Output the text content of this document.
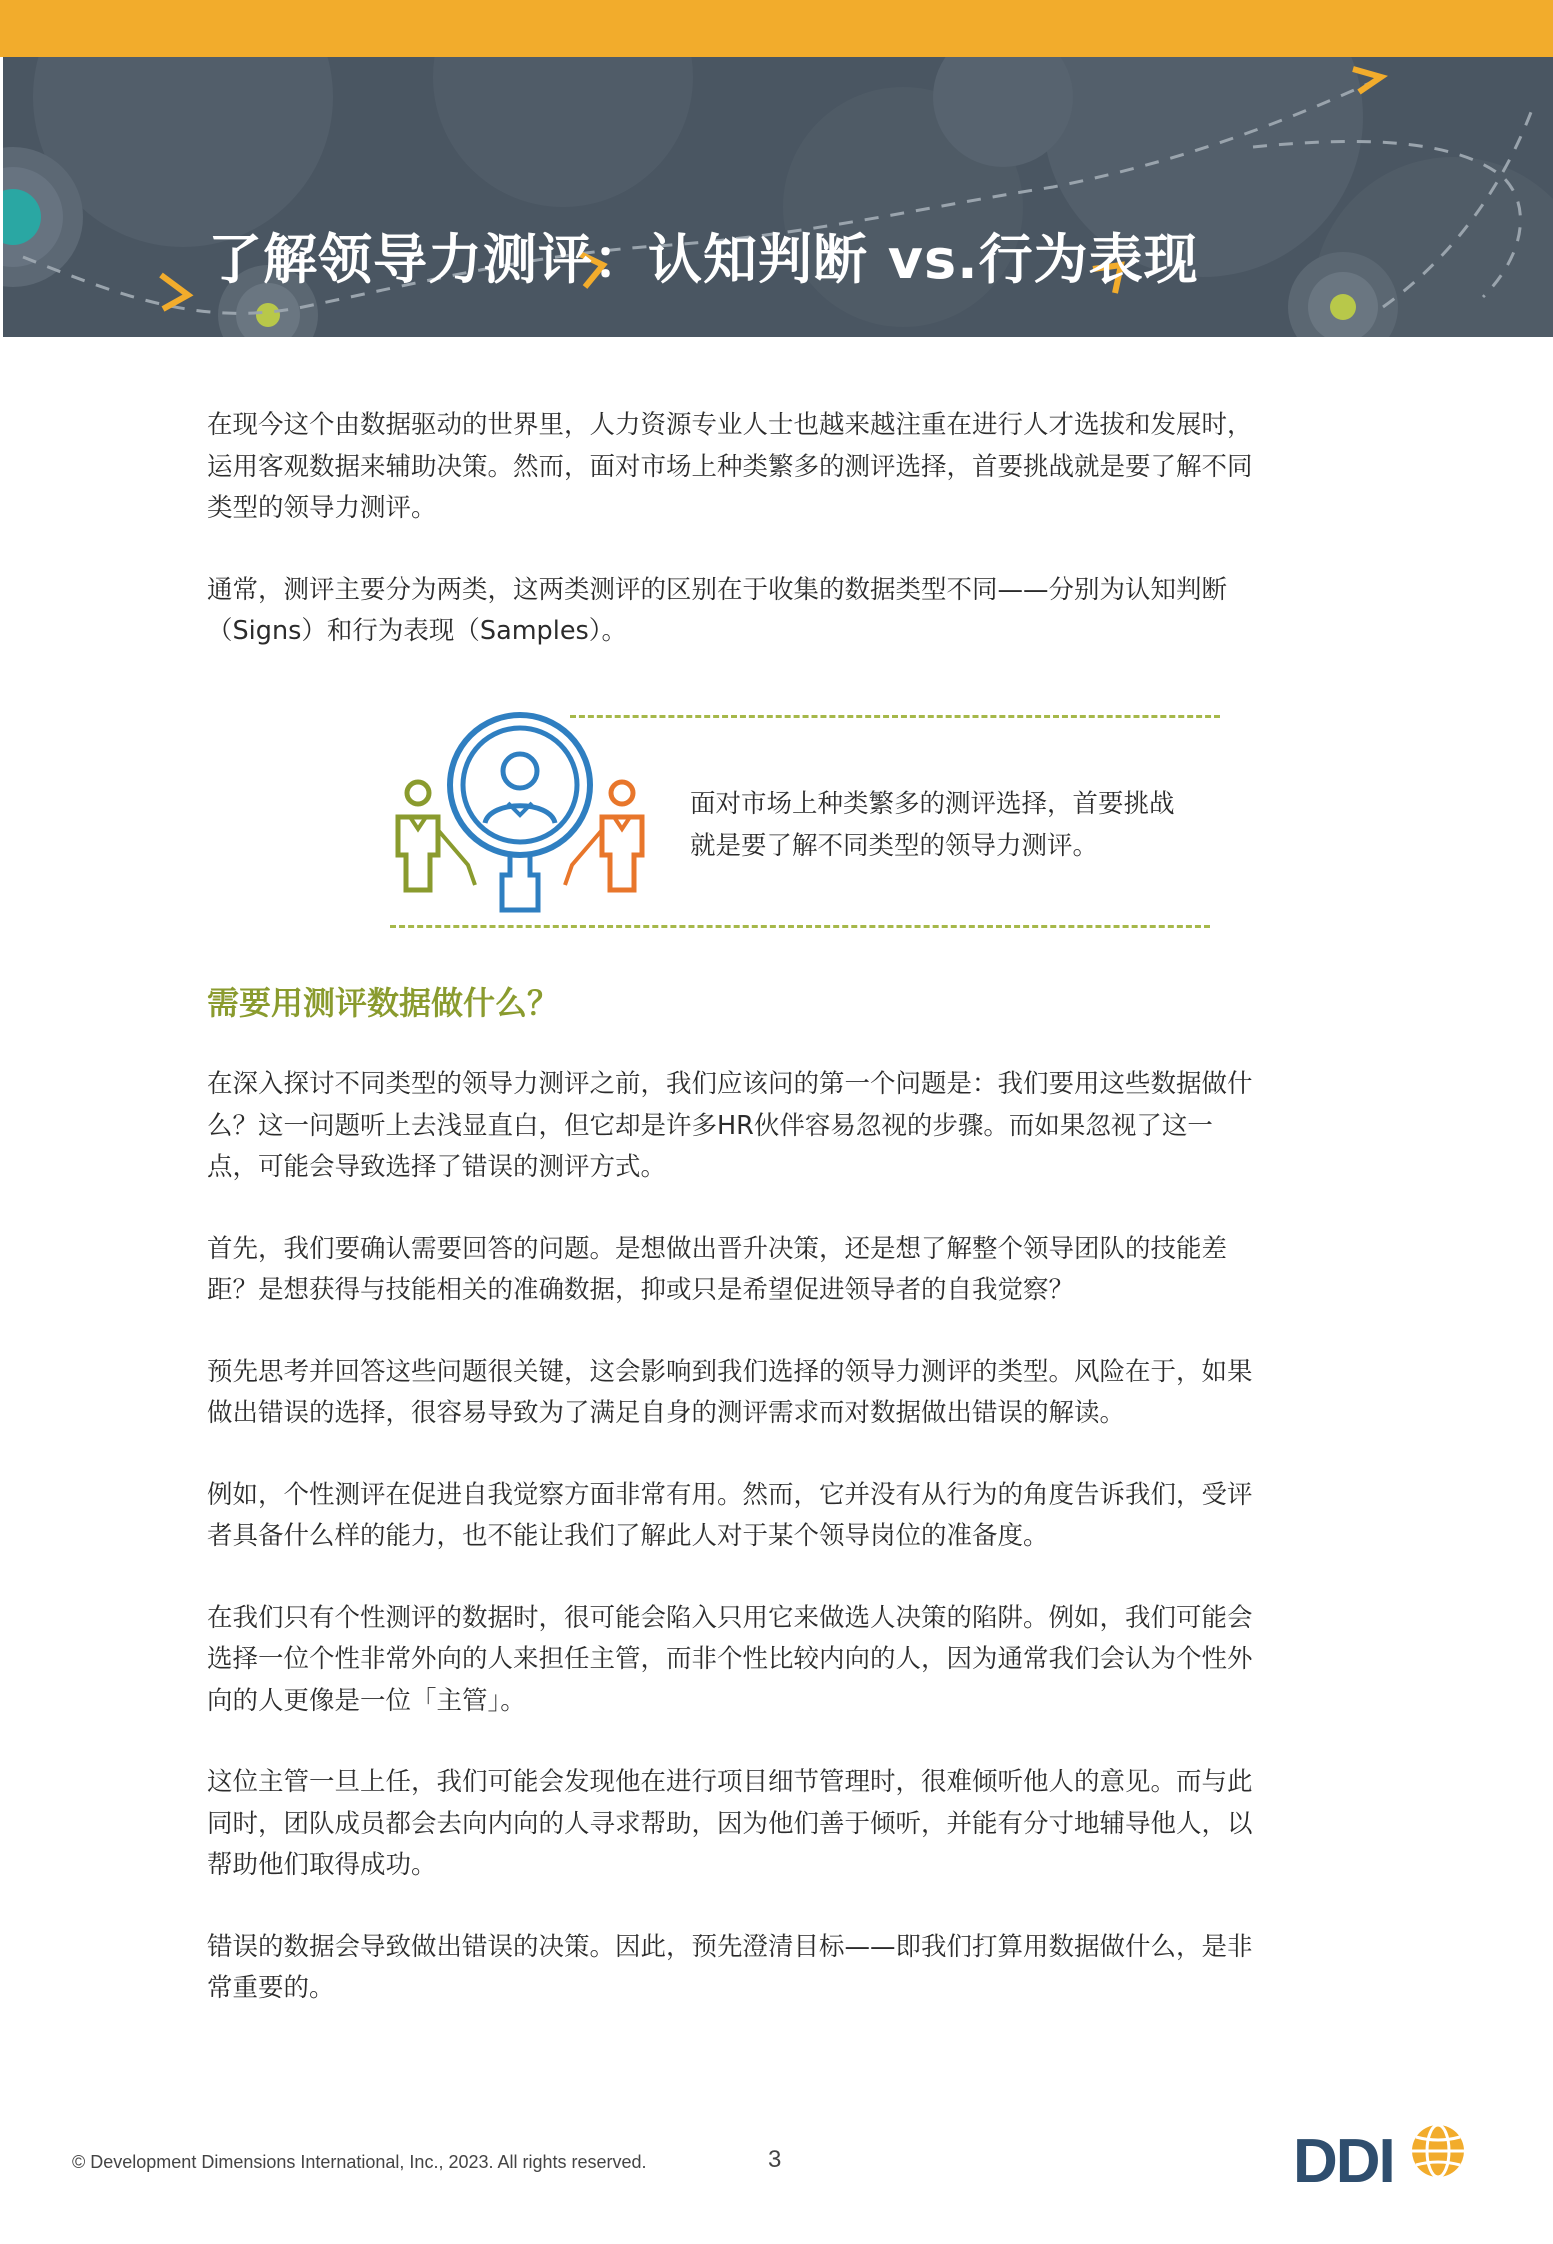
了解领导力测评：认知判断 vs.行为表现

在现今这个由数据驱动的世界里，人力资源专业人士也越来越注重在进行人才选拔和发展时，
运用客观数据来辅助决策。然而，面对市场上种类繁多的测评选择，首要挑战就是要了解不同
类型的领导力测评。

通常，测评主要分为两类，这两类测评的区别在于收集的数据类型不同——分别为认知判断
（Signs）和行为表现（Samples）。

面对市场上种类繁多的测评选择，首要挑战
就是要了解不同类型的领导力测评。

需要用测评数据做什么？

在深入探讨不同类型的领导力测评之前，我们应该问的第一个问题是：我们要用这些数据做什
么？这一问题听上去浅显直白，但它却是许多HR伙伴容易忽视的步骤。而如果忽视了这一
点，可能会导致选择了错误的测评方式。

首先，我们要确认需要回答的问题。是想做出晋升决策，还是想了解整个领导团队的技能差
距？是想获得与技能相关的准确数据，抑或只是希望促进领导者的自我觉察？

预先思考并回答这些问题很关键，这会影响到我们选择的领导力测评的类型。风险在于，如果
做出错误的选择，很容易导致为了满足自身的测评需求而对数据做出错误的解读。

例如，个性测评在促进自我觉察方面非常有用。然而，它并没有从行为的角度告诉我们，受评
者具备什么样的能力，也不能让我们了解此人对于某个领导岗位的准备度。

在我们只有个性测评的数据时，很可能会陷入只用它来做选人决策的陷阱。例如，我们可能会
选择一位个性非常外向的人来担任主管，而非个性比较内向的人，因为通常我们会认为个性外
向的人更像是一位「主管」。

这位主管一旦上任，我们可能会发现他在进行项目细节管理时，很难倾听他人的意见。而与此
同时，团队成员都会去向内向的人寻求帮助，因为他们善于倾听，并能有分寸地辅导他人，以
帮助他们取得成功。

错误的数据会导致做出错误的决策。因此，预先澄清目标——即我们打算用数据做什么，是非
常重要的。

© Development Dimensions International, Inc., 2023. All rights reserved.	3	DDI
